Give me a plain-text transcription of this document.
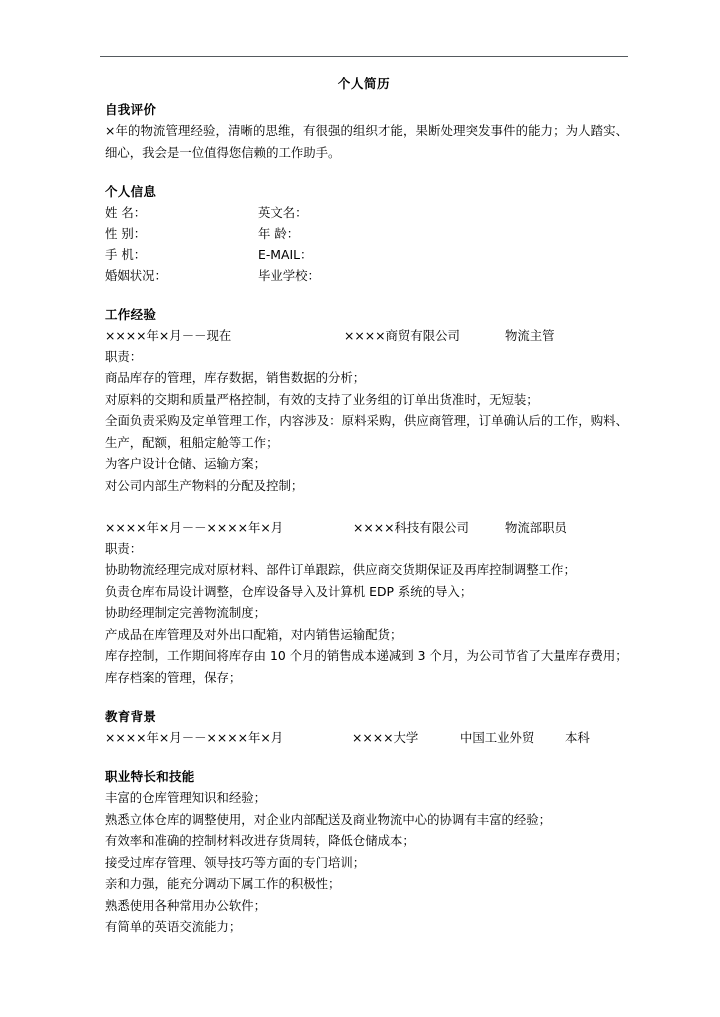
个人简历
自我评价
×年的物流管理经验，清晰的思维，有很强的组织才能，果断处理突发事件的能力；为人踏实、细心，我会是一位值得您信赖的工作助手。
个人信息
姓 名：	英文名：
性 别：	年 龄：
手 机：	E-MAIL：
婚姻状况：	毕业学校：
工作经验
××××年×月－－现在	××××商贸有限公司	物流主管
职责：
商品库存的管理，库存数据，销售数据的分析；
对原料的交期和质量严格控制，有效的支持了业务组的订单出货准时，无短装；
全面负责采购及定单管理工作，内容涉及：原料采购，供应商管理，订单确认后的工作，购料、生产，配额，租船定舱等工作；
为客户设计仓储、运输方案；
对公司内部生产物料的分配及控制；
××××年×月－－××××年×月	××××科技有限公司	物流部职员
职责：
协助物流经理完成对原材料、部件订单跟踪，供应商交货期保证及再库控制调整工作；
负责仓库布局设计调整，仓库设备导入及计算机 EDP 系统的导入；
协助经理制定完善物流制度；
产成品在库管理及对外出口配箱，对内销售运输配货；
库存控制，工作期间将库存由 10 个月的销售成本递减到 3 个月，为公司节省了大量库存费用；
库存档案的管理，保存；
教育背景
××××年×月－－××××年×月	××××大学	中国工业外贸	本科
职业特长和技能
丰富的仓库管理知识和经验；
熟悉立体仓库的调整使用，对企业内部配送及商业物流中心的协调有丰富的经验；
有效率和准确的控制材料改进存货周转，降低仓储成本；
接受过库存管理、领导技巧等方面的专门培训；
亲和力强，能充分调动下属工作的积极性；
熟悉使用各种常用办公软件；
有简单的英语交流能力；
